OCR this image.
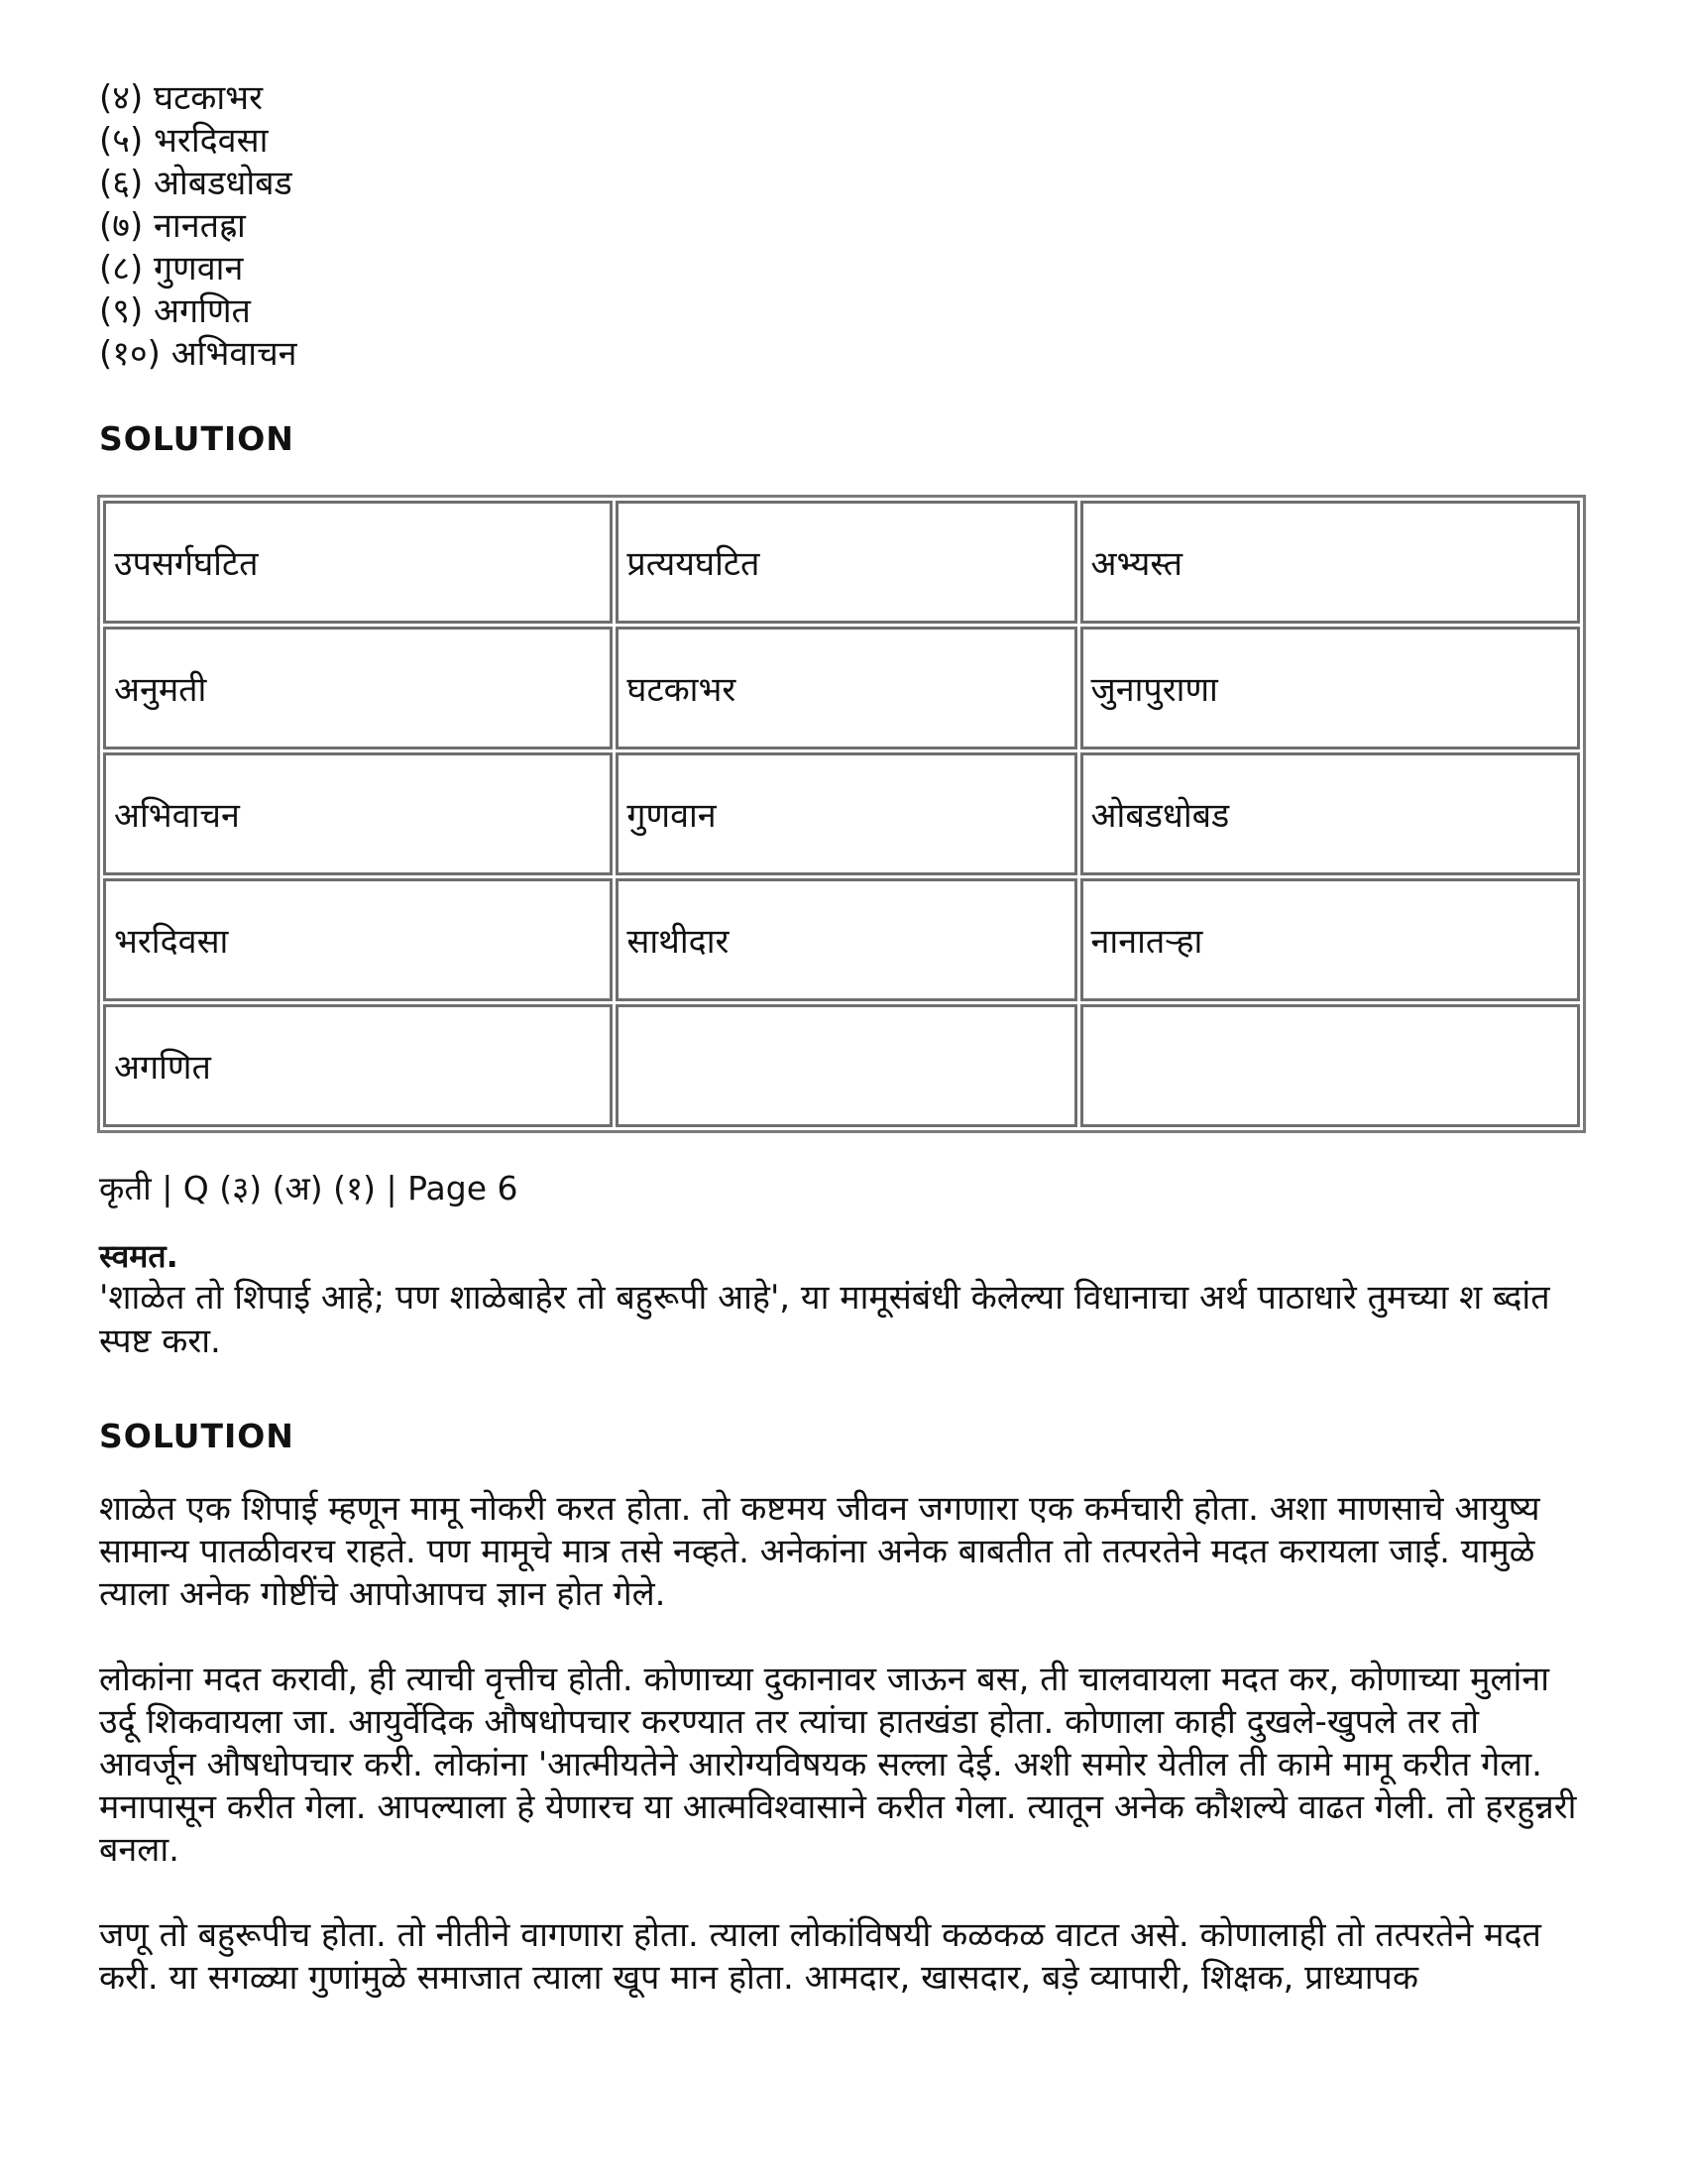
(४) घटकाभर
(५) भरदिवसा
(६) ओबडधोबड
(७) नानतह्रा
(८) गुणवान
(९) अगणित
(१०) अभिवाचन
SOLUTION
उपसर्गघटित	प्रत्ययघटित	अभ्यस्त
अनुमती	घटकाभर	जुनापुराणा
अभिवाचन	गुणवान	ओबडधोबड
भरदिवसा	साथीदार	नानातऱ्हा
अगणित		
कृती | Q (३) (अ) (१) | Page 6
स्वमत.
'शाळेत तो शिपाई आहे; पण शाळेबाहेर तो बहुरूपी आहे', या मामूसंबंधी केलेल्या विधानाचा अर्थ पाठाधारे तुमच्या श ब्दांत स्पष्ट करा.
SOLUTION
शाळेत एक शिपाई म्हणून मामू नोकरी करत होता. तो कष्टमय जीवन जगणारा एक कर्मचारी होता. अशा माणसाचे आयुष्य सामान्य पातळीवरच राहते. पण मामूचे मात्र तसे नव्हते. अनेकांना अनेक बाबतीत तो तत्परतेने मदत करायला जाई. यामुळे त्याला अनेक गोष्टींचे आपोआपच ज्ञान होत गेले.
लोकांना मदत करावी, ही त्याची वृत्तीच होती. कोणाच्या दुकानावर जाऊन बस, ती चालवायला मदत कर, कोणाच्या मुलांना उर्दू शिकवायला जा. आयुर्वेदिक औषधोपचार करण्यात तर त्यांचा हातखंडा होता. कोणाला काही दुखले-खुपले तर तो आवर्जून औषधोपचार करी. लोकांना 'आत्मीयतेने आरोग्यविषयक सल्ला देई. अशी समोर येतील ती कामे मामू करीत गेला. मनापासून करीत गेला. आपल्याला हे येणारच या आत्मविश्वासाने करीत गेला. त्यातून अनेक कौशल्ये वाढत गेली. तो हरहुन्नरी बनला.
जणू तो बहुरूपीच होता. तो नीतीने वागणारा होता. त्याला लोकांविषयी कळकळ वाटत असे. कोणालाही तो तत्परतेने मदत करी. या सगळ्या गुणांमुळे समाजात त्याला खूप मान होता. आमदार, खासदार, बड़े व्यापारी, शिक्षक, प्राध्यापक
